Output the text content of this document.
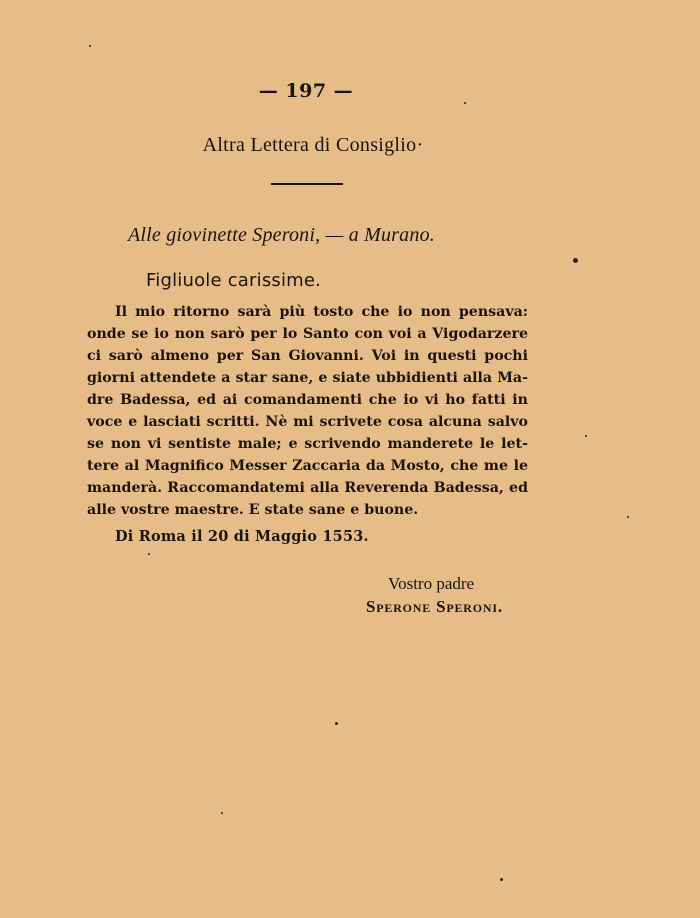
— 197 —
Altra Lettera di Consiglio·
Alle giovinette Speroni, — a Murano.
Figliuole carissime.
Il mio ritorno sarà più tosto che io non pensava:
onde se io non sarò per lo Santo con voi a Vigodarzere
ci sarò almeno per San Giovanni. Voi in questi pochi
giorni attendete a star sane, e siate ubbidienti alla Ma-
dre Badessa, ed ai comandamenti che io vi ho fatti in
voce e lasciati scritti. Nè mi scrivete cosa alcuna salvo
se non vi sentiste male; e scrivendo manderete le let-
tere al Magnifico Messer Zaccaria da Mosto, che me le
manderà. Raccomandatemi alla Reverenda Badessa, ed
alle vostre maestre. E state sane e buone.
Di Roma il 20 di Maggio 1553.
Vostro padre
Sperone Speroni.
